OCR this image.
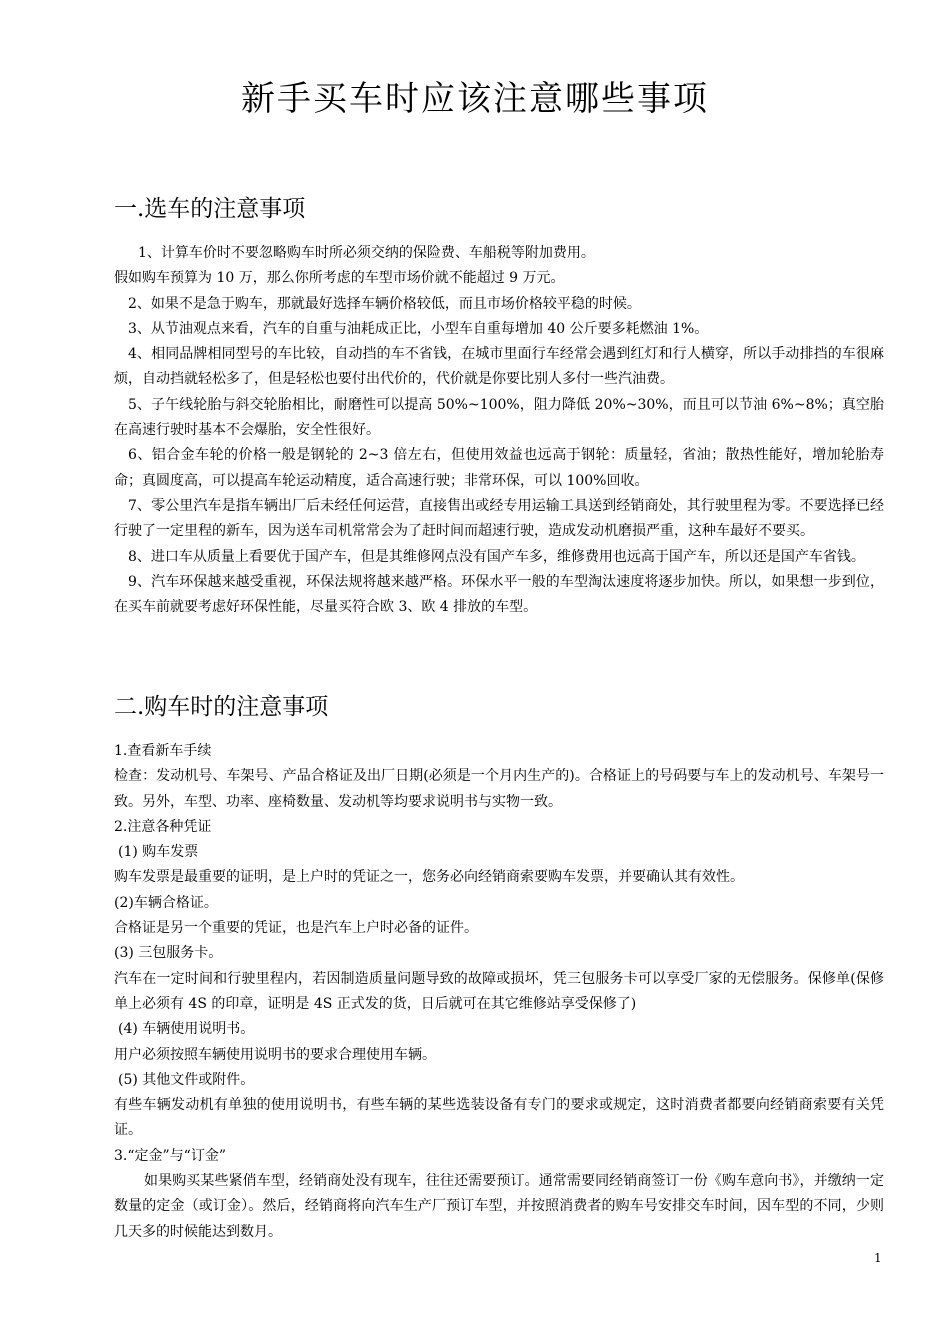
新手买车时应该注意哪些事项
一.选车的注意事项

1、计算车价时不要忽略购车时所必须交纳的保险费、车船税等附加费用。

假如购车预算为 10 万，那么你所考虑的车型市场价就不能超过 9 万元。

2、如果不是急于购车，那就最好选择车辆价格较低，而且市场价格较平稳的时候。

3、从节油观点来看，汽车的自重与油耗成正比，小型车自重每增加 40 公斤要多耗燃油 1%。

4、相同品牌相同型号的车比较，自动挡的车不省钱，在城市里面行车经常会遇到红灯和行人横穿，所以手动排挡的车很麻烦，自动挡就轻松多了，但是轻松也要付出代价的，代价就是你要比别人多付一些汽油费。

5、子午线轮胎与斜交轮胎相比，耐磨性可以提高 50%~100%，阻力降低 20%~30%，而且可以节油 6%~8%；真空胎在高速行驶时基本不会爆胎，安全性很好。

6、铝合金车轮的价格一般是钢轮的 2~3 倍左右，但使用效益也远高于钢轮：质量轻，省油；散热性能好，增加轮胎寿命；真圆度高，可以提高车轮运动精度，适合高速行驶；非常环保，可以 100%回收。

7、零公里汽车是指车辆出厂后未经任何运营，直接售出或经专用运输工具送到经销商处，其行驶里程为零。不要选择已经行驶了一定里程的新车，因为送车司机常常会为了赶时间而超速行驶，造成发动机磨损严重，这种车最好不要买。

8、进口车从质量上看要优于国产车，但是其维修网点没有国产车多，维修费用也远高于国产车，所以还是国产车省钱。

9、汽车环保越来越受重视，环保法规将越来越严格。环保水平一般的车型淘汰速度将逐步加快。所以，如果想一步到位，在买车前就要考虑好环保性能，尽量买符合欧 3、欧 4 排放的车型。

二.购车时的注意事项

1.查看新车手续

检查：发动机号、车架号、产品合格证及出厂日期(必须是一个月内生产的)。合格证上的号码要与车上的发动机号、车架号一致。另外，车型、功率、座椅数量、发动机等均要求说明书与实物一致。

2.注意各种凭证

(1) 购车发票

购车发票是最重要的证明，是上户时的凭证之一，您务必向经销商索要购车发票，并要确认其有效性。

(2)车辆合格证。

合格证是另一个重要的凭证，也是汽车上户时必备的证件。

(3) 三包服务卡。

汽车在一定时间和行驶里程内，若因制造质量问题导致的故障或损坏，凭三包服务卡可以享受厂家的无偿服务。保修单(保修单上必须有 4S 的印章，证明是 4S 正式发的货，日后就可在其它维修站享受保修了)

(4) 车辆使用说明书。

用户必须按照车辆使用说明书的要求合理使用车辆。

(5) 其他文件或附件。

有些车辆发动机有单独的使用说明书，有些车辆的某些选装设备有专门的要求或规定，这时消费者都要向经销商索要有关凭证。

3.“定金”与“订金”

如果购买某些紧俏车型，经销商处没有现车，往往还需要预订。通常需要同经销商签订一份《购车意向书》，并缴纳一定数量的定金（或订金）。然后，经销商将向汽车生产厂预订车型，并按照消费者的购车号安排交车时间，因车型的不同，少则几天多的时候能达到数月。

1
